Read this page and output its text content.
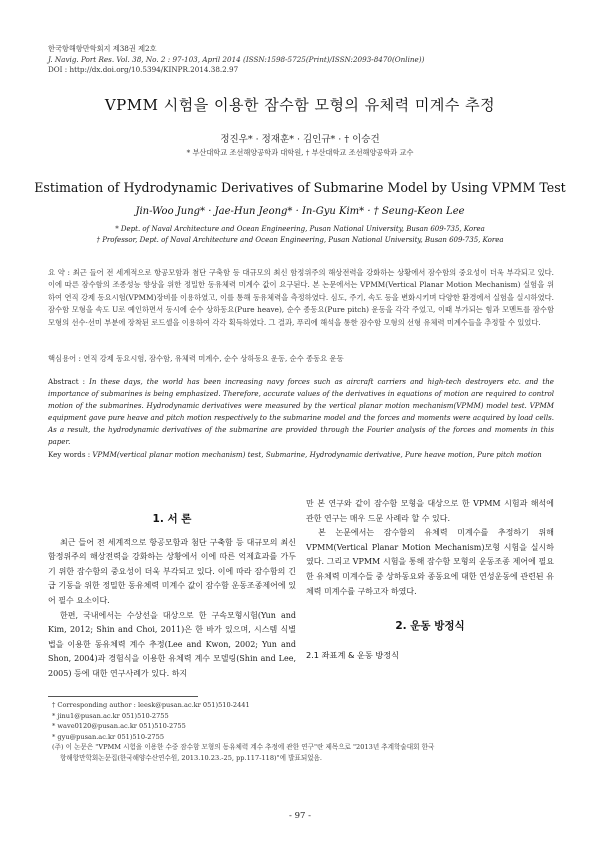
한국항해항만학회지 제38권 제2호
J. Navig. Port Res. Vol. 38, No. 2 : 97-103, April 2014 (ISSN:1598-5725(Print)/ISSN:2093-8470(Online))
DOI : http://dx.doi.org/10.5394/KINPR.2014.38.2.97
VPMM 시험을 이용한 잠수함 모형의 유체력 미계수 추정
정진우* · 정재훈* · 김인규* · † 이승건
* 부산대학교 조선해양공학과 대학원, † 부산대학교 조선해양공학과 교수
Estimation of Hydrodynamic Derivatives of Submarine Model by Using VPMM Test
Jin-Woo Jung* · Jae-Hun Jeong* · In-Gyu Kim* · † Seung-Keon Lee
* Dept. of Naval Architecture and Ocean Engineering, Pusan National University, Busan 609-735, Korea
† Professor, Dept. of Naval Architecture and Ocean Engineering, Pusan National University, Busan 609-735, Korea
요 약 : 최근 들어 전 세계적으로 항공모함과 첨단 구축함 등 대규모의 최신 함정위주의 해상전력을 강화하는 상황에서 잠수함의 중요성이 더욱 부각되고 있다. 이에 따른 잠수함의 조종성능 향상을 위한 정밀한 동유체력 미계수 값이 요구된다. 본 논문에서는 VPMM(Vertical Planar Motion Mechanism) 실험을 위하여 연직 강제 동요시험(VPMM)장비를 이용하였고, 이를 통해 동유체력을 측정하였다. 심도, 주기, 속도 등을 변화시키며 다양한 환경에서 실험을 실시하였다. 잠수함 모형을 속도 U로 예인하면서 동시에 순수 상하동요(Pure heave), 순수 종동요(Pure pitch) 운동을 각각 주었고, 이때 부가되는 힘과 모멘트를 잠수함 모형의 선수·선미 부분에 장착된 로드셀을 이용하여 각각 획득하였다. 그 결과, 푸리에 해석을 통한 잠수함 모형의 선형 유체력 미계수들을 추정할 수 있었다.
핵심용어 : 연직 강제 동요시험, 잠수함, 유체력 미계수, 순수 상하동요 운동, 순수 종동요 운동
Abstract : In these days, the world has been increasing navy forces such as aircraft carriers and high-tech destroyers etc. and the importance of submarines is being emphasized. Therefore, accurate values of the derivatives in equations of motion are required to control motion of the submarines. Hydrodynamic derivatives were measured by the vertical planar motion mechanism(VPMM) model test. VPMM equipment gave pure heave and pitch motion respectively to the submarine model and the forces and moments were acquired by load cells. As a result, the hydrodynamic derivatives of the submarine are provided through the Fourier analysis of the forces and moments in this paper.
Key words : VPMM(vertical planar motion mechanism) test, Submarine, Hydrodynamic derivative, Pure heave motion, Pure pitch motion
1. 서 론

최근 들어 전 세계적으로 항공모함과 첨단 구축함 등 대규모의 최신 함정위주의 해상전력을 강화하는 상황에서 이에 따른 억제효과를 가두기 위한 잠수함의 중요성이 더욱 부각되고 있다. 이에 따라 잠수함의 긴급 기동을 위한 정밀한 동유체력 미계수 값이 잠수함 운동조종제어에 있어 필수 요소이다.

한편, 국내에서는 수상선을 대상으로 한 구속모형시험(Yun and Kim, 2012; Shin and Choi, 2011)은 한 바가 있으며, 시스템 식별법을 이용한 동유체력 계수 추정(Lee and Kwon, 2002; Yun and Shon, 2004)과 경험식을 이용한 유체력 계수 모델링(Shin and Lee, 2005) 등에 대한 연구사례가 있다. 하지

만 본 연구와 같이 잠수함 모형을 대상으로 한 VPMM 시험과 해석에 관한 연구는 매우 드문 사례라 할 수 있다.

본 논문에서는 잠수함의 유체력 미계수를 추정하기 위해 VPMM(Vertical Planar Motion Mechanism)모형 시험을 실시하였다. 그리고 VPMM 시험을 통해 잠수함 모형의 운동조종 제어에 필요한 유체력 미계수들 중 상하동요와 종동요에 대한 연성운동에 관련된 유체력 미계수를 구하고자 하였다.

2. 운동 방정식
2.1 좌표계 & 운동 방정식
† Corresponding author : leesk@pusan.ac.kr 051)510-2441
* jinu1@pusan.ac.kr 051)510-2755
* wave0120@pusan.ac.kr 051)510-2755
* gyu@pusan.ac.kr 051)510-2755
(주) 이 논문은 "VPMM 시험을 이용한 수중 잠수함 모형의 동유체력 계수 추정에 관한 연구"란 제목으로 "2013년 추계학술대회 한국
항해항만학회논문집(한국해양수산연수원, 2013.10.23.-25, pp.117-118)"에 발표되었음.
- 97 -
